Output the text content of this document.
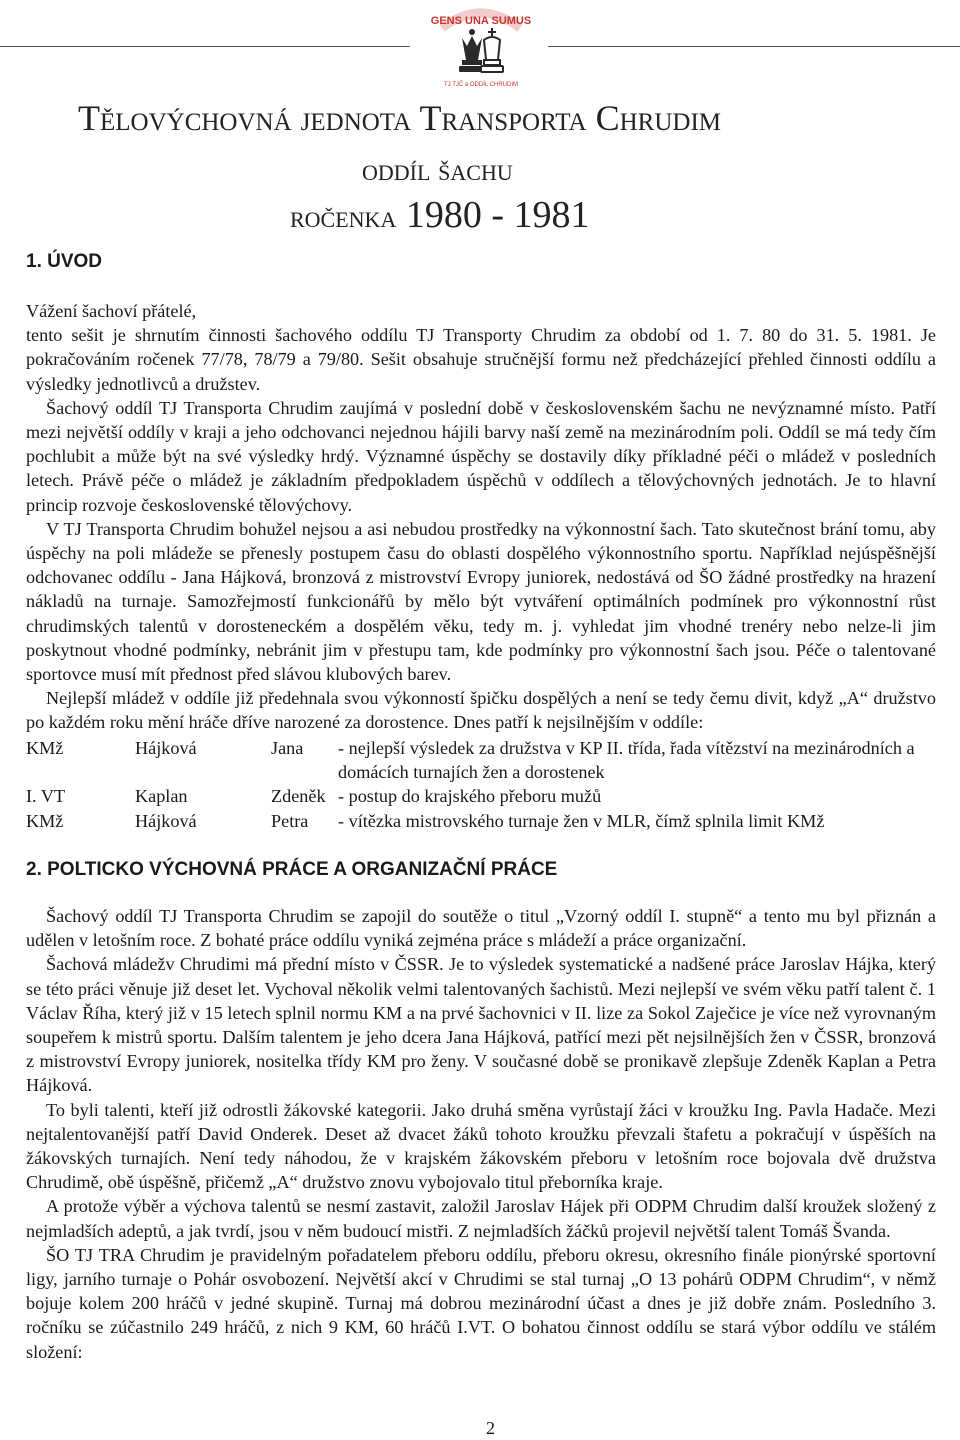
GENS UNA SUMUS
TJ TJČ a ODDÍL CHRUDIM
Tělovýchovná jednota Transporta Chrudim
oddíl šachu
ročenka 1980 - 1981
1. ÚVOD

Vážení šachoví přátelé,

tento sešit je shrnutím činnosti šachového oddílu TJ Transporty Chrudim za období od 1. 7. 80 do 31. 5. 1981. Je pokračováním ročenek 77/78, 78/79 a 79/80. Sešit obsahuje stručnější formu než předcházející přehled činnosti oddílu a výsledky jednotlivců a družstev.

Šachový oddíl TJ Transporta Chrudim zaujímá v poslední době v československém šachu ne nevýznamné místo. Patří mezi největší oddíly v kraji a jeho odchovanci nejednou hájili barvy naší země na mezinárodním poli. Oddíl se má tedy čím pochlubit a může být na své výsledky hrdý. Významné úspěchy se dostavily díky příkladné péči o mládež v posledních letech. Právě péče o mládež je základním předpokladem úspěchů v oddílech a tělovýchovných jednotách. Je to hlavní princip rozvoje československé tělovýchovy.

V TJ Transporta Chrudim bohužel nejsou a asi nebudou prostředky na výkonnostní šach. Tato skutečnost brání tomu, aby úspěchy na poli mládeže se přenesly postupem času do oblasti dospělého výkonnostního sportu. Například nejúspěšnější odchovanec oddílu - Jana Hájková, bronzová z mistrovství Evropy juniorek, nedostává od ŠO žádné prostředky na hrazení nákladů na turnaje. Samozřejmostí funkcionářů by mělo být vytváření optimálních podmínek pro výkonnostní růst chrudimských talentů v dorosteneckém a dospělém věku, tedy m. j. vyhledat jim vhodné trenéry nebo nelze-li jim poskytnout vhodné podmínky, nebránit jim v přestupu tam, kde podmínky pro výkonnostní šach jsou. Péče o talentované sportovce musí mít přednost před slávou klubových barev.

Nejlepší mládež v oddíle již předehnala svou výkonností špičku dospělých a není se tedy čemu divit, když „A“ družstvo po každém roku mění hráče dříve narozené za dorostence. Dnes patří k nejsilnějším v oddíle:

KMž	Hájková	Jana - nejlepší výsledek za družstva v KP II. třída, řada vítězství na mezinárodních a domácích turnajích žen a dorostenek
I. VT	Kaplan	Zdeněk - postup do krajského přeboru mužů
KMž	Hájková	Petra - vítězka mistrovského turnaje žen v MLR, čímž splnila limit KMž
2. POLTICKO VÝCHOVNÁ PRÁCE A ORGANIZAČNÍ PRÁCE

Šachový oddíl TJ Transporta Chrudim se zapojil do soutěže o titul „Vzorný oddíl I. stupně“ a tento mu byl přiznán a udělen v letošním roce. Z bohaté práce oddílu vyniká zejména práce s mládeží a práce organizační.

Šachová mládežv Chrudimi má přední místo v ČSSR. Je to výsledek systematické a nadšené práce Jaroslav Hájka, který se této práci věnuje již deset let. Vychoval několik velmi talentovaných šachistů. Mezi nejlepší ve svém věku patří talent č. 1 Václav Říha, který již v 15 letech splnil normu KM a na prvé šachovnici v II. lize za Sokol Zaječice je více než vyrovnaným soupeřem k mistrů sportu. Dalším talentem je jeho dcera Jana Hájková, patřící mezi pět nejsilnějších žen v ČSSR, bronzová z mistrovství Evropy juniorek, nositelka třídy KM pro ženy. V současné době se pronikavě zlepšuje Zdeněk Kaplan a Petra Hájková.

To byli talenti, kteří již odrostli žákovské kategorii. Jako druhá směna vyrůstají žáci v kroužku Ing. Pavla Hadače. Mezi nejtalentovanější patří David Onderek. Deset až dvacet žáků tohoto kroužku převzali štafetu a pokračují v úspěších na žákovských turnajích. Není tedy náhodou, že v krajském žákovském přeboru v letošním roce bojovala dvě družstva Chrudimě, obě úspěšně, přičemž „A“ družstvo znovu vybojovalo titul přeborníka kraje.

A protože výběr a výchova talentů se nesmí zastavit, založil Jaroslav Hájek při ODPM Chrudim další kroužek složený z nejmladších adeptů, a jak tvrdí, jsou v něm budoucí mistři. Z nejmladších žáčků projevil největší talent Tomáš Švanda.

ŠO TJ TRA Chrudim je pravidelným pořadatelem přeboru oddílu, přeboru okresu, okresního finále pionýrské sportovní ligy, jarního turnaje o Pohár osvobození. Největší akcí v Chrudimi se stal turnaj „O 13 pohárů ODPM Chrudim“, v němž bojuje kolem 200 hráčů v jedné skupině. Turnaj má dobrou mezinárodní účast a dnes je již dobře znám. Posledního 3. ročníku se zúčastnilo 249 hráčů, z nich 9 KM, 60 hráčů I.VT. O bohatou činnost oddílu se stará výbor oddílu ve stálém složení:

2
